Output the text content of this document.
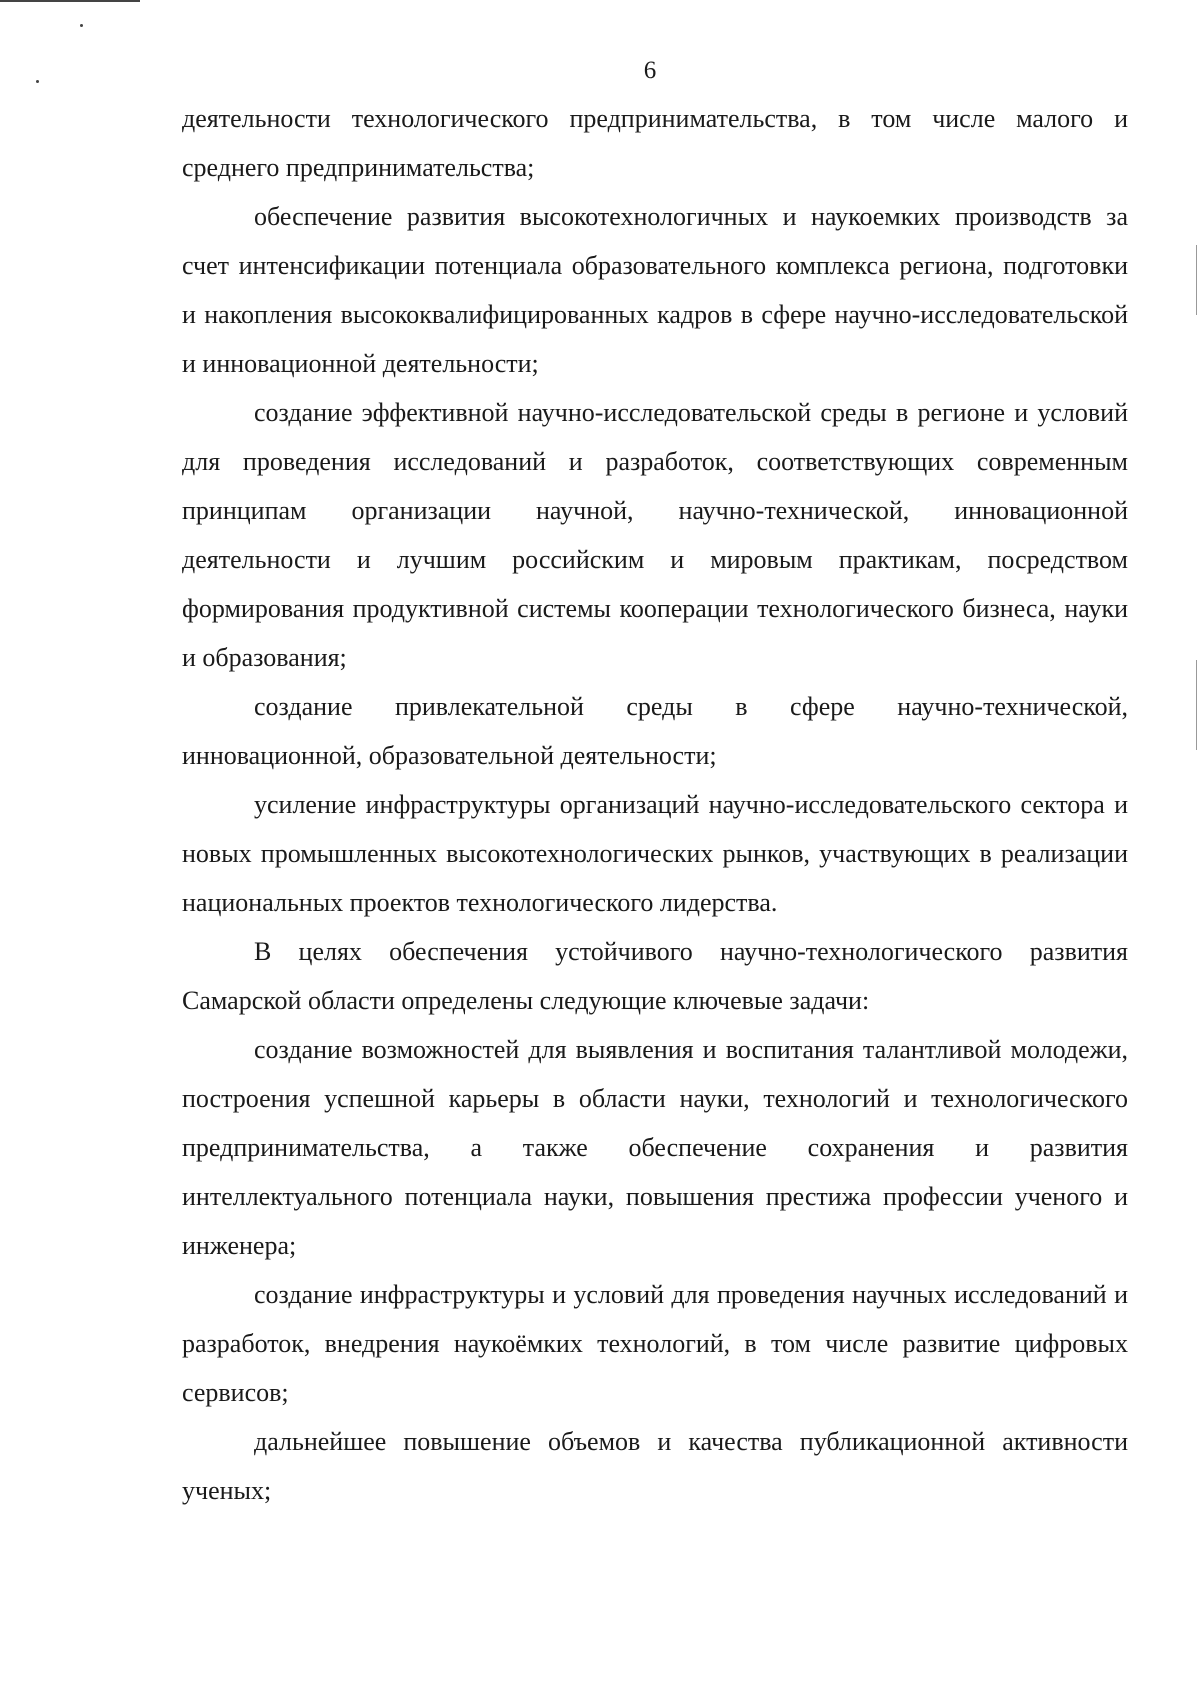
6

деятельности технологического предпринимательства, в том числе малого и среднего предпринимательства;

обеспечение развития высокотехнологичных и наукоемких производств за счет интенсификации потенциала образовательного комплекса региона, подготовки и накопления высококвалифицированных кадров в сфере научно-исследовательской и инновационной деятельности;

создание эффективной научно-исследовательской среды в регионе и условий для проведения исследований и разработок, соответствующих современным принципам организации научной, научно-технической, инновационной деятельности и лучшим российским и мировым практикам, посредством формирования продуктивной системы кооперации технологического бизнеса, науки и образования;

создание привлекательной среды в сфере научно-технической, инновационной, образовательной деятельности;

усиление инфраструктуры организаций научно-исследовательского сектора и новых промышленных высокотехнологических рынков, участвующих в реализации национальных проектов технологического лидерства.

В целях обеспечения устойчивого научно-технологического развития Самарской области определены следующие ключевые задачи:

создание возможностей для выявления и воспитания талантливой молодежи, построения успешной карьеры в области науки, технологий и технологического предпринимательства, а также обеспечение сохранения и развития интеллектуального потенциала науки, повышения престижа профессии ученого и инженера;

создание инфраструктуры и условий для проведения научных исследований и разработок, внедрения наукоёмких технологий, в том числе развитие цифровых сервисов;

дальнейшее повышение объемов и качества публикационной активности ученых;
